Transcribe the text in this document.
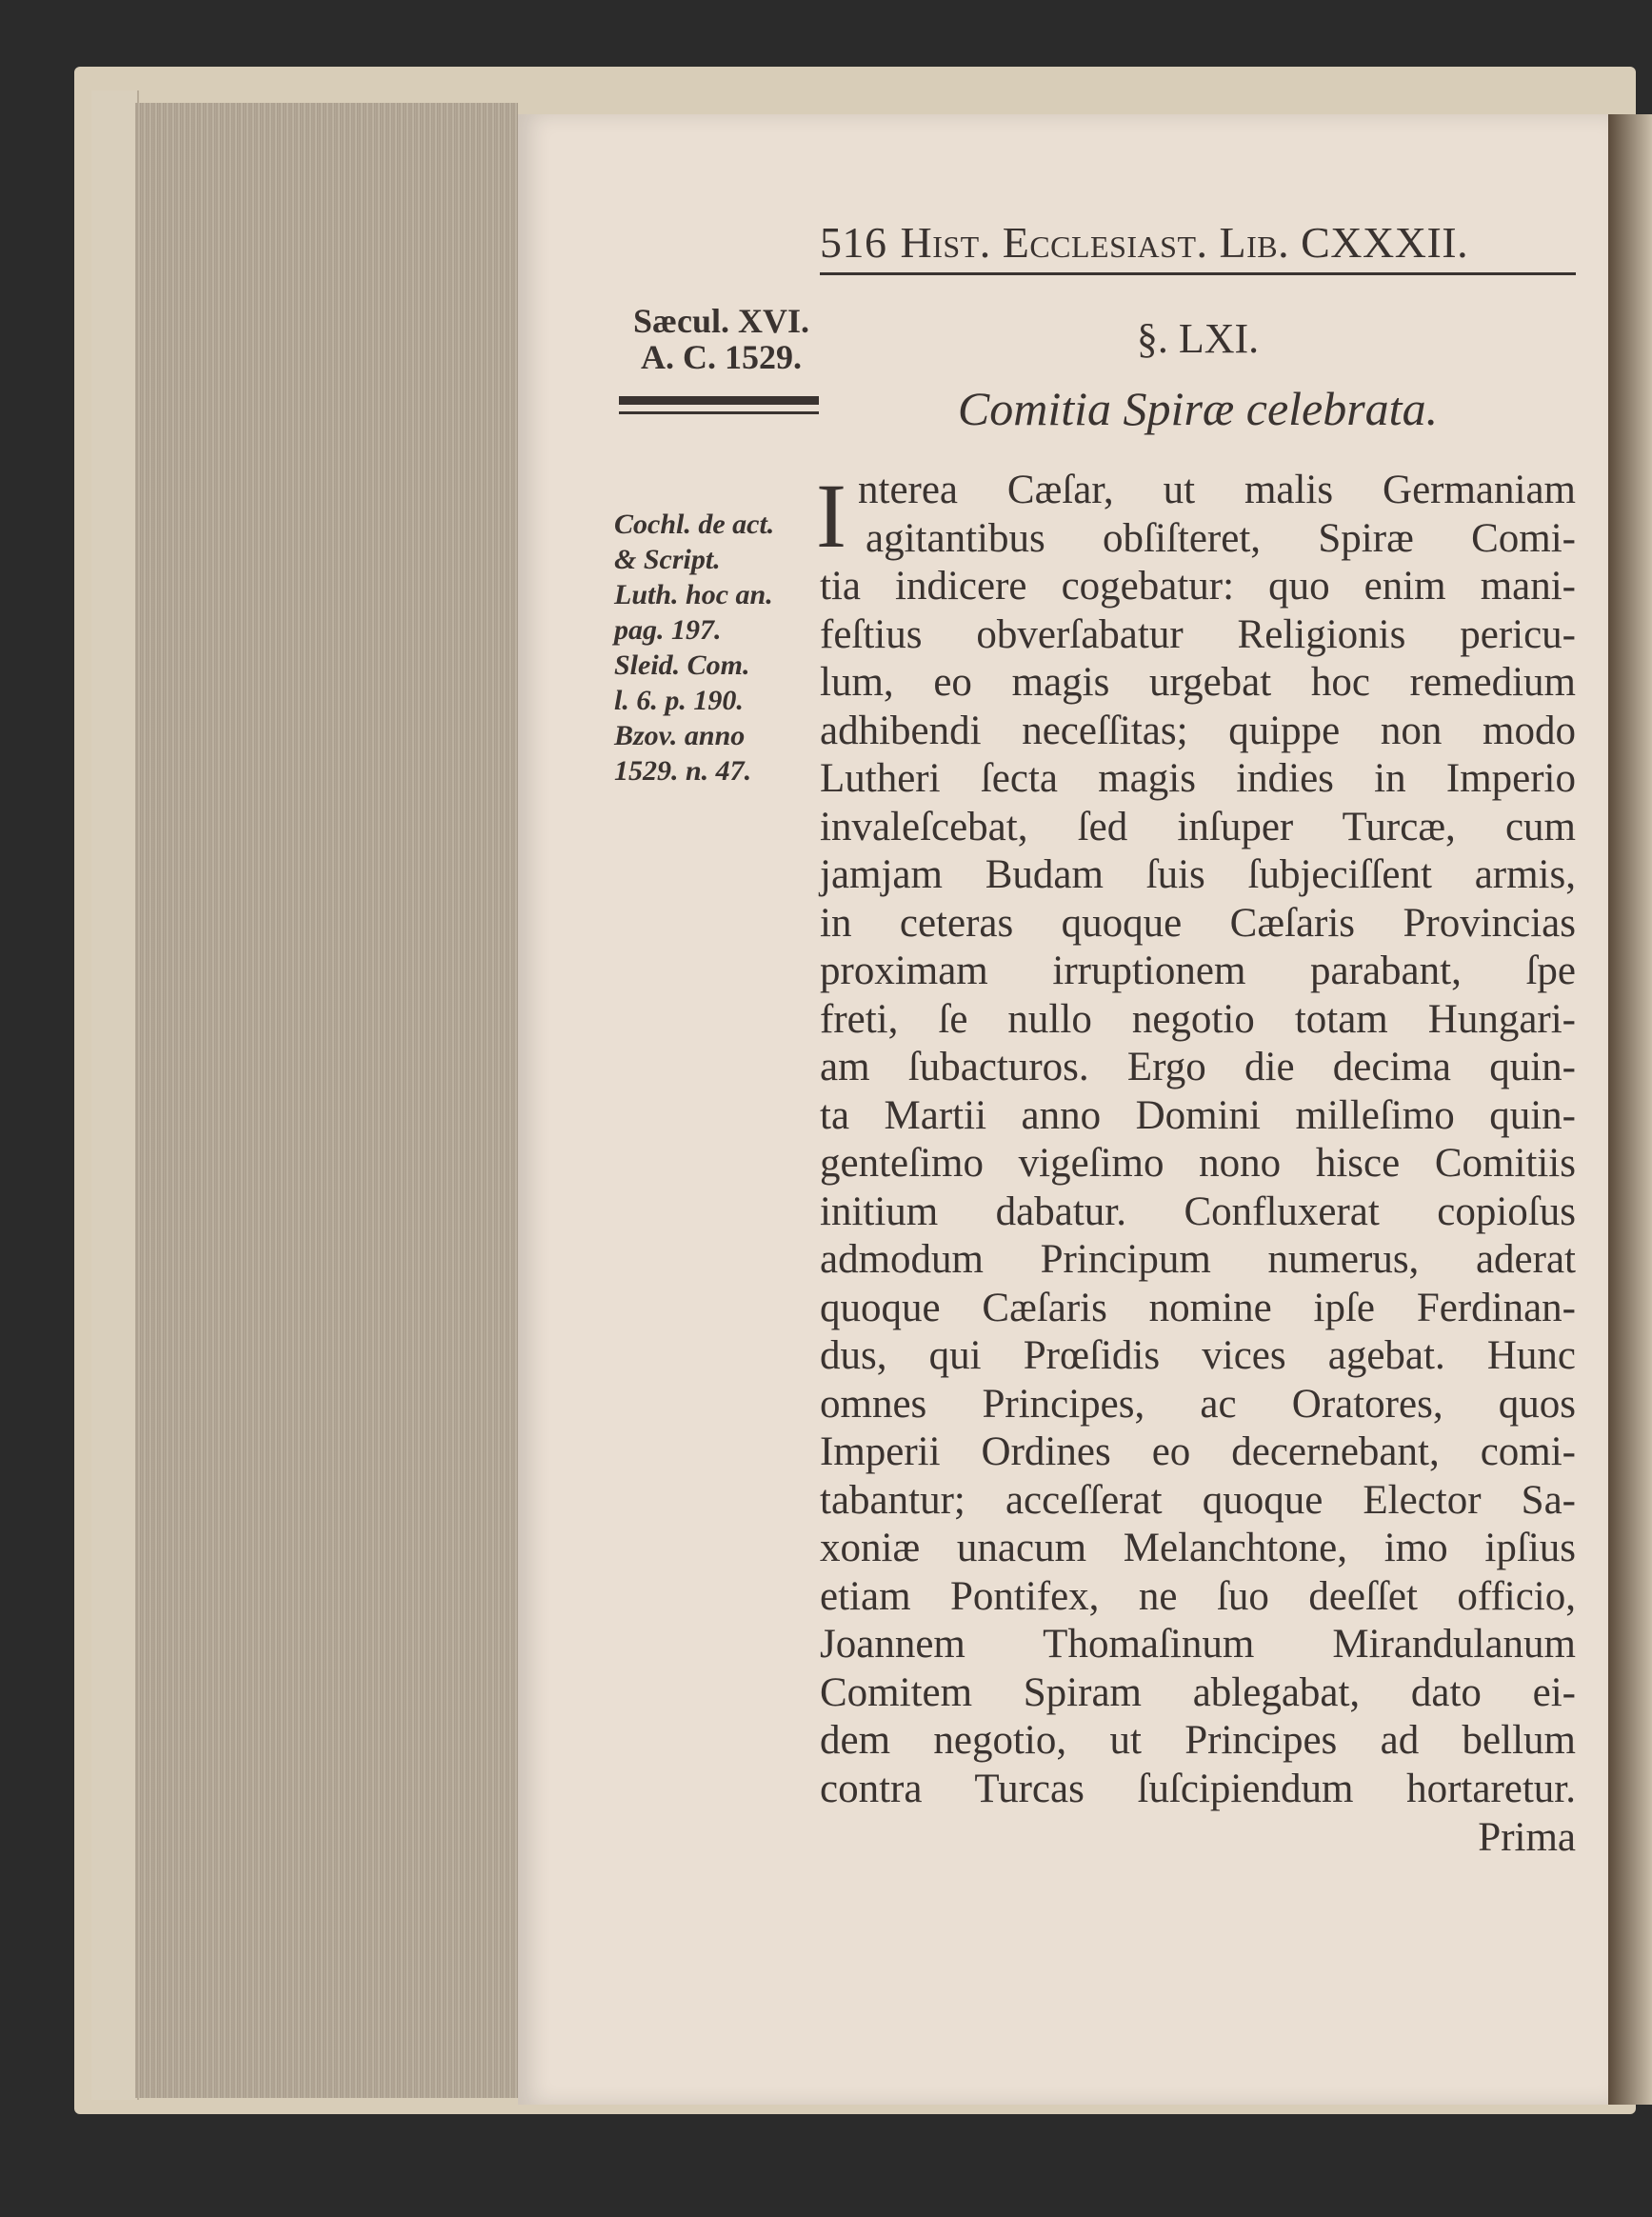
516 Hist. Ecclesiast. Lib. CXXXII.
Sæcul. XVI.
A. C. 1529.
Cochl. de act.
& Script.
Luth. hoc an.
pag. 197.
Sleid. Com.
l. 6. p. 190.
Bzov. anno
1529. n. 47.
§. LXI.
Comitia Spiræ celebrata.
I nterea Cæſar, ut malis Germaniam
agitantibus obſiſteret, Spiræ Comi-
tia indicere cogebatur: quo enim mani-
feſtius obverſabatur Religionis pericu-
lum, eo magis urgebat hoc remedium
adhibendi neceſſitas; quippe non modo
Lutheri ſecta magis indies in Imperio
invaleſcebat, ſed inſuper Turcæ, cum
jamjam Budam ſuis ſubjeciſſent armis,
in ceteras quoque Cæſaris Provincias
proximam irruptionem parabant, ſpe
freti, ſe nullo negotio totam Hungari-
am ſubacturos. Ergo die decima quin-
ta Martii anno Domini milleſimo quin-
genteſimo vigeſimo nono hisce Comitiis
initium dabatur. Confluxerat copioſus
admodum Principum numerus, aderat
quoque Cæſaris nomine ipſe Ferdinan-
dus, qui Prœſidis vices agebat. Hunc
omnes Principes, ac Oratores, quos
Imperii Ordines eo decernebant, comi-
tabantur; acceſſerat quoque Elector Sa-
xoniæ unacum Melanchtone, imo ipſius
etiam Pontifex, ne ſuo deeſſet officio,
Joannem Thomaſinum Mirandulanum
Comitem Spiram ablegabat, dato ei-
dem negotio, ut Principes ad bellum
contra Turcas ſuſcipiendum hortaretur.
Prima
